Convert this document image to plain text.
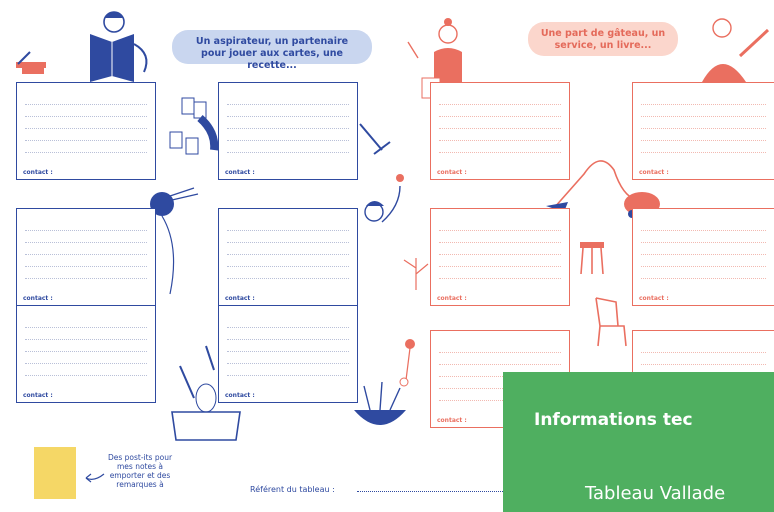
Un aspirateur, un partenaire pour jouer aux cartes, une recette...
Une part de gâteau, un service, un livre...
contact :	contact :
contact :	contact :
contact :	contact :
contact :	contact :
contact :	contact :
contact :
Des post-its pour mes notes à emporter et des remarques à
Référent du tableau :
Informations tec
Tableau Vallade
